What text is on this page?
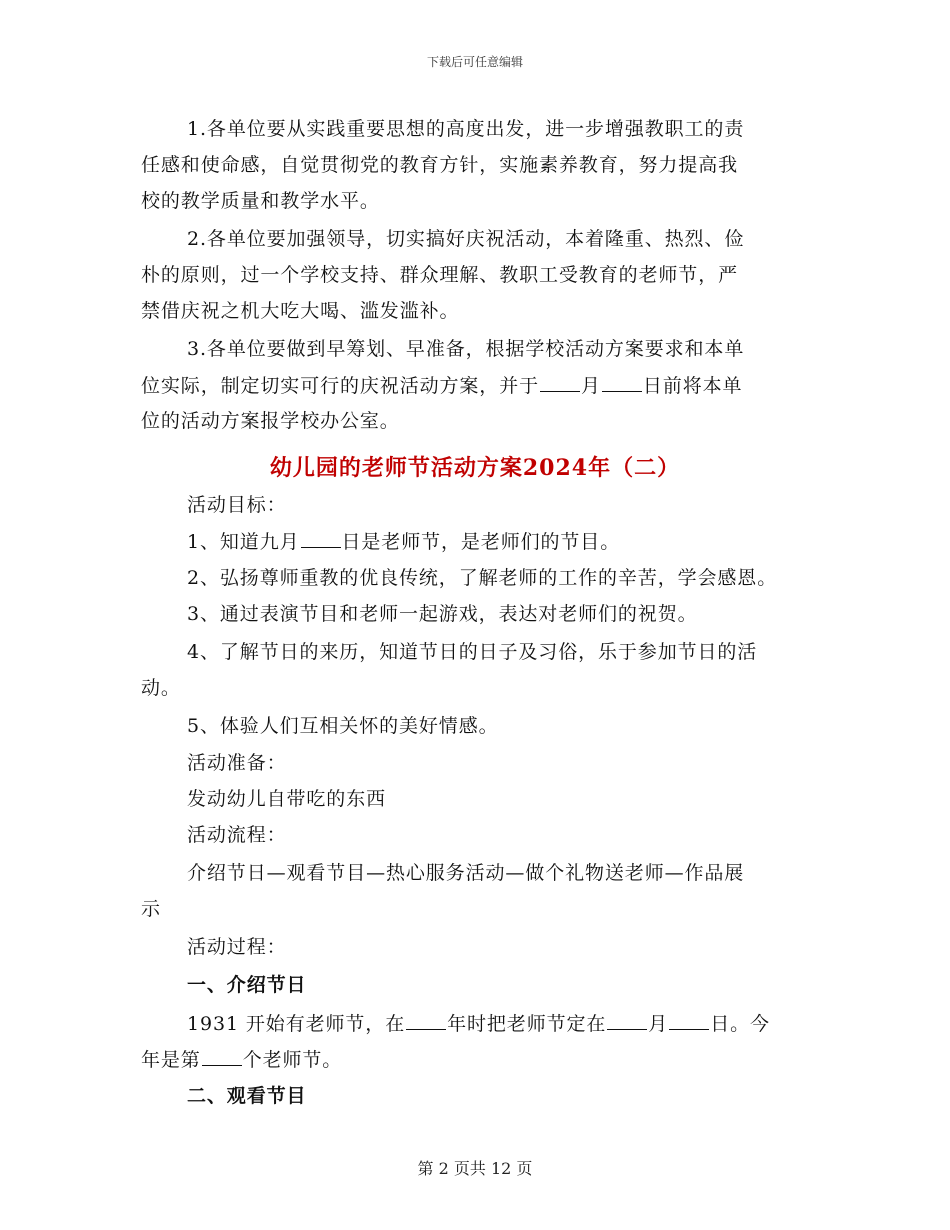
下载后可任意编辑
1.各单位要从实践重要思想的高度出发，进一步增强教职工的责
任感和使命感，自觉贯彻党的教育方针，实施素养教育，努力提高我
校的教学质量和教学水平。
2.各单位要加强领导，切实搞好庆祝活动，本着隆重、热烈、俭
朴的原则，过一个学校支持、群众理解、教职工受教育的老师节，严
禁借庆祝之机大吃大喝、滥发滥补。
3.各单位要做到早筹划、早准备，根据学校活动方案要求和本单
位实际，制定切实可行的庆祝活动方案，并于 月 日前将本单
位的活动方案报学校办公室。
幼儿园的老师节活动方案2024年（二）
活动目标：
1、知道九月 日是老师节，是老师们的节目。
2、弘扬尊师重教的优良传统，了解老师的工作的辛苦，学会感恩。
3、通过表演节目和老师一起游戏，表达对老师们的祝贺。
4、了解节日的来历，知道节日的日子及习俗，乐于参加节日的活
动。
5、体验人们互相关怀的美好情感。
活动准备：
发动幼儿自带吃的东西
活动流程：
介绍节日—观看节目—热心服务活动—做个礼物送老师—作品展
示
活动过程：
一、介绍节日
1931 开始有老师节，在 年时把老师节定在 月 日。今
年是第 个老师节。
二、观看节目
第 2 页共 12 页
